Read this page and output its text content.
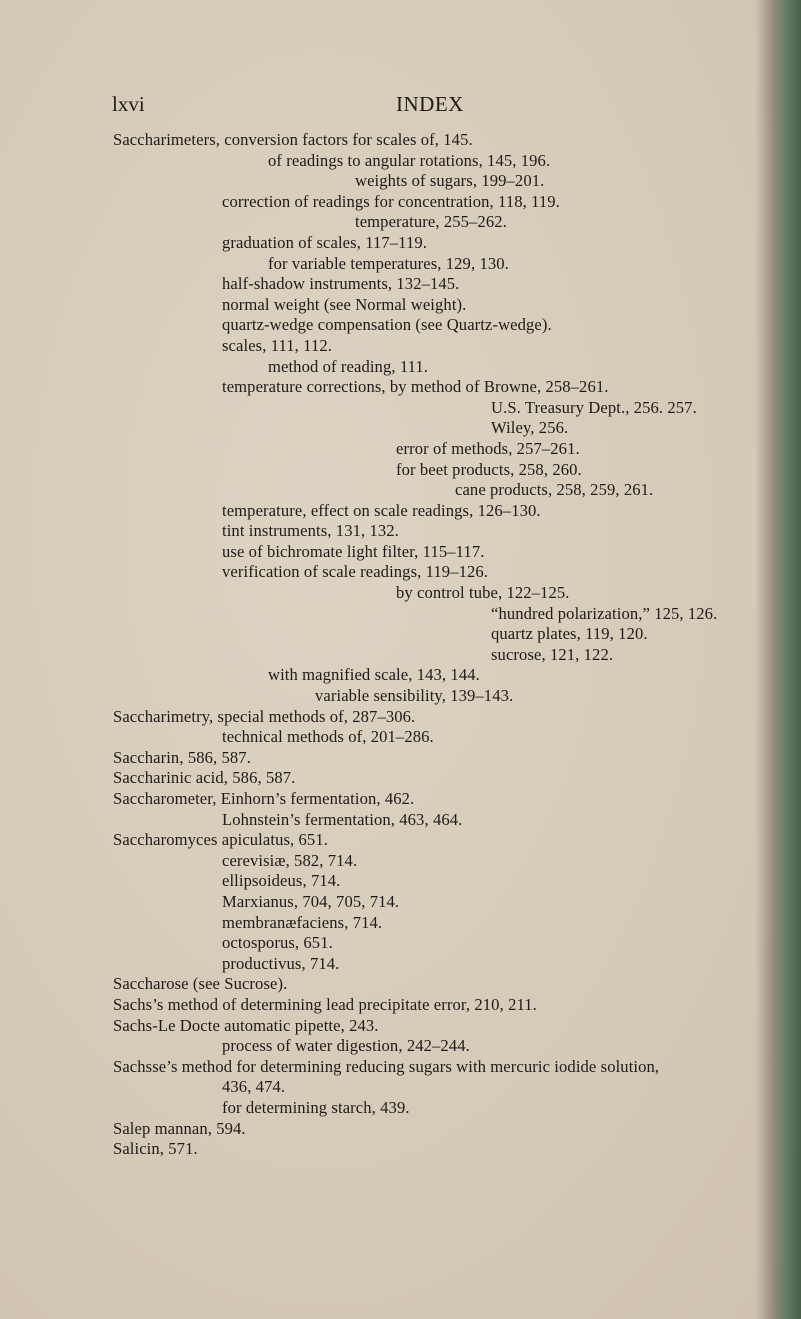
lxvi	INDEX
Saccharimeters, conversion factors for scales of, 145.
of readings to angular rotations, 145, 196.
weights of sugars, 199–201.
correction of readings for concentration, 118, 119.
temperature, 255–262.
graduation of scales, 117–119.
for variable temperatures, 129, 130.
half-shadow instruments, 132–145.
normal weight (see Normal weight).
quartz-wedge compensation (see Quartz-wedge).
scales, 111, 112.
method of reading, 111.
temperature corrections, by method of Browne, 258–261.
U.S. Treasury Dept., 256. 257.
Wiley, 256.
error of methods, 257–261.
for beet products, 258, 260.
cane products, 258, 259, 261.
temperature, effect on scale readings, 126–130.
tint instruments, 131, 132.
use of bichromate light filter, 115–117.
verification of scale readings, 119–126.
by control tube, 122–125.
“hundred polarization,” 125, 126.
quartz plates, 119, 120.
sucrose, 121, 122.
with magnified scale, 143, 144.
variable sensibility, 139–143.
Saccharimetry, special methods of, 287–306.
technical methods of, 201–286.
Saccharin, 586, 587.
Saccharinic acid, 586, 587.
Saccharometer, Einhorn’s fermentation, 462.
Lohnstein’s fermentation, 463, 464.
Saccharomyces apiculatus, 651.
cerevisiæ, 582, 714.
ellipsoideus, 714.
Marxianus, 704, 705, 714.
membranæfaciens, 714.
octosporus, 651.
productivus, 714.
Saccharose (see Sucrose).
Sachs’s method of determining lead precipitate error, 210, 211.
Sachs-Le Docte automatic pipette, 243.
process of water digestion, 242–244.
Sachsse’s method for determining reducing sugars with mercuric iodide solution,
436, 474.
for determining starch, 439.
Salep mannan, 594.
Salicin, 571.
